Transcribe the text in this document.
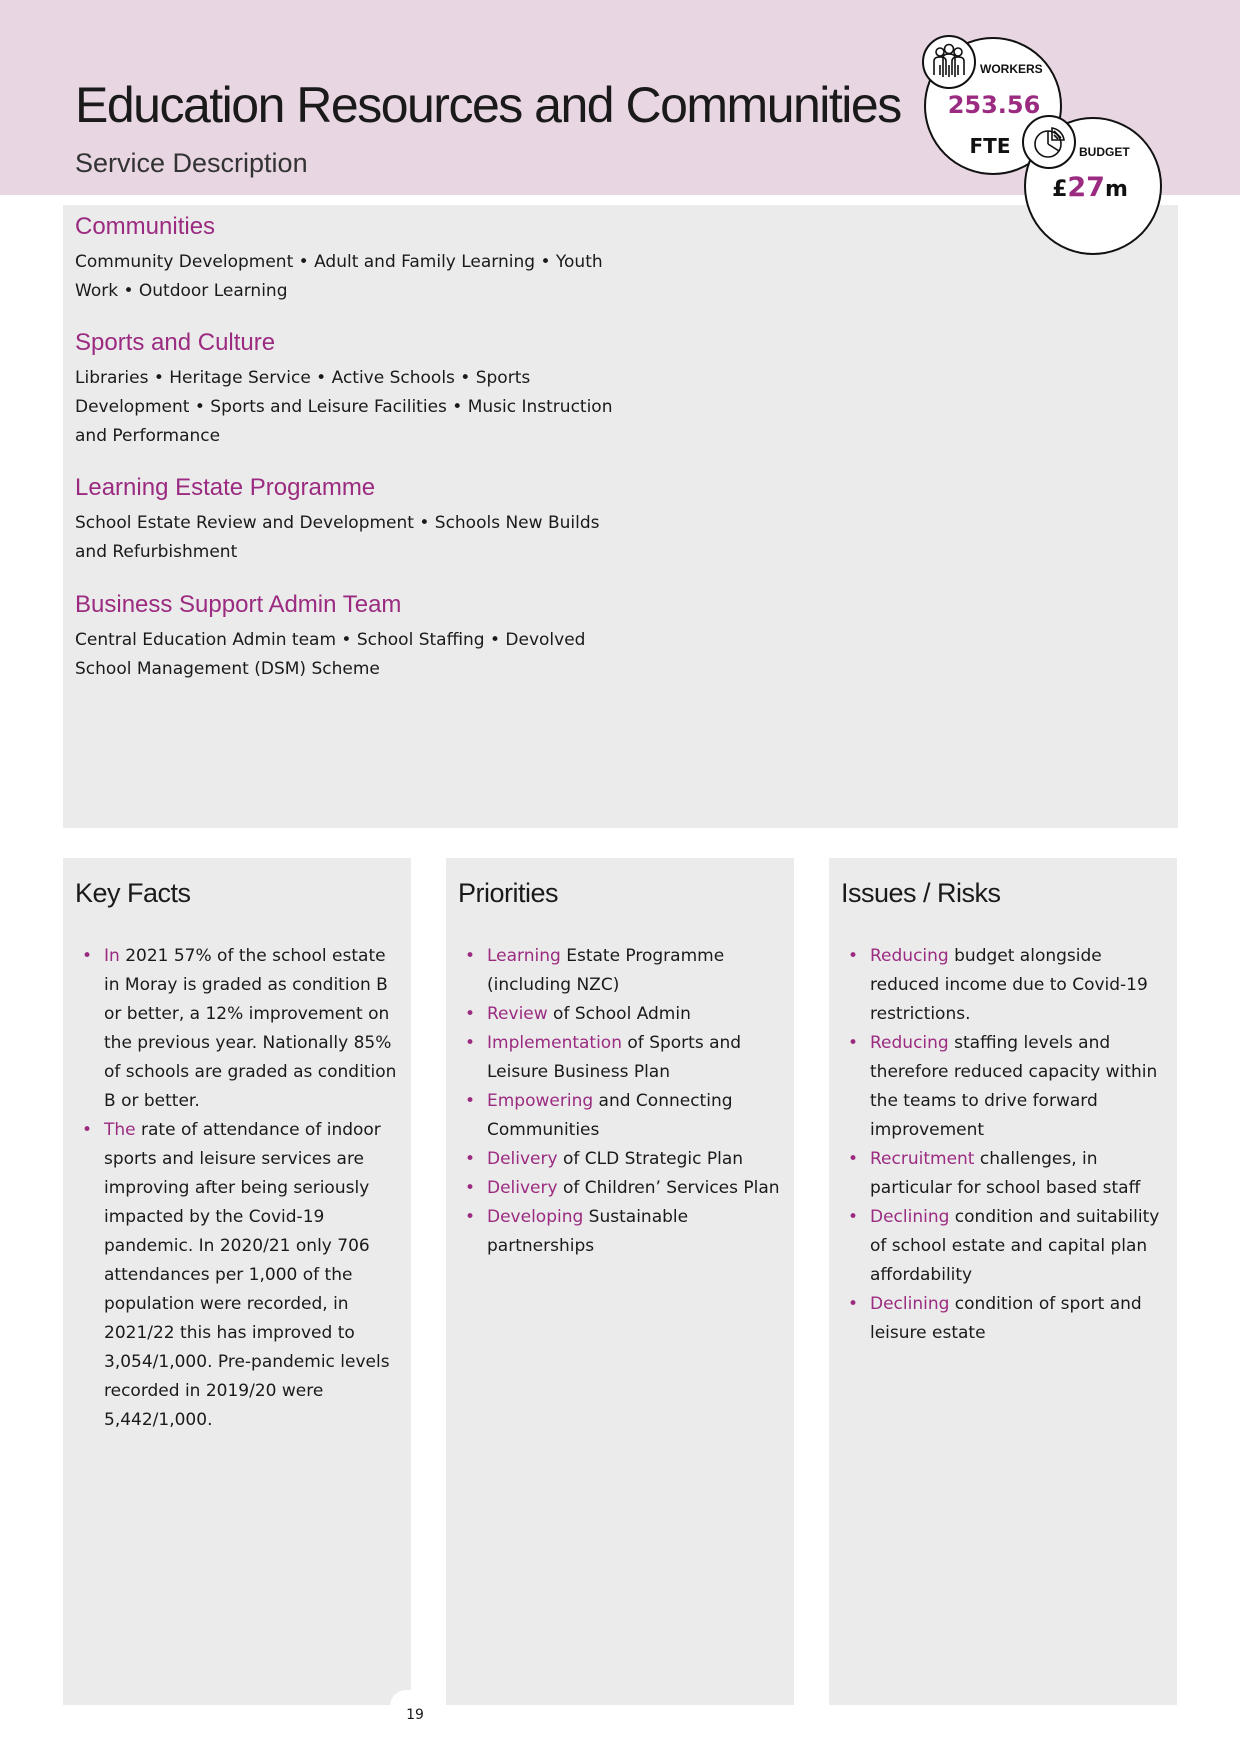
Education Resources and Communities
Service Description
Communities

Community Development • Adult and Family Learning • Youth Work • Outdoor Learning

Sports and Culture

Libraries • Heritage Service • Active Schools • Sports Development • Sports and Leisure Facilities • Music Instruction and Performance

Learning Estate Programme

School Estate Review and Development • Schools New Builds and Refurbishment

Business Support Admin Team

Central Education Admin team • School Staffing • Devolved School Management (DSM) Scheme

WORKERS
253.56
FTE	BUDGET
£27m
Key Facts
• In 2021 57% of the school estate in Moray is graded as condition B or better, a 12% improvement on the previous year. Nationally 85% of schools are graded as condition B or better.
• The rate of attendance of indoor sports and leisure services are improving after being seriously impacted by the Covid-19 pandemic. In 2020/21 only 706 attendances per 1,000 of the population were recorded, in 2021/22 this has improved to 3,054/1,000. Pre-pandemic levels recorded in 2019/20 were 5,442/1,000.
Priorities
• Learning Estate Programme (including NZC)
• Review of School Admin
• Implementation of Sports and Leisure Business Plan
• Empowering and Connecting Communities
• Delivery of CLD Strategic Plan
• Delivery of Children’ Services Plan
• Developing Sustainable partnerships
Issues / Risks
• Reducing budget alongside reduced income due to Covid-19 restrictions.
• Reducing staffing levels and therefore reduced capacity within the teams to drive forward improvement
• Recruitment challenges, in particular for school based staff
• Declining condition and suitability of school estate and capital plan affordability
• Declining condition of sport and leisure estate
19
